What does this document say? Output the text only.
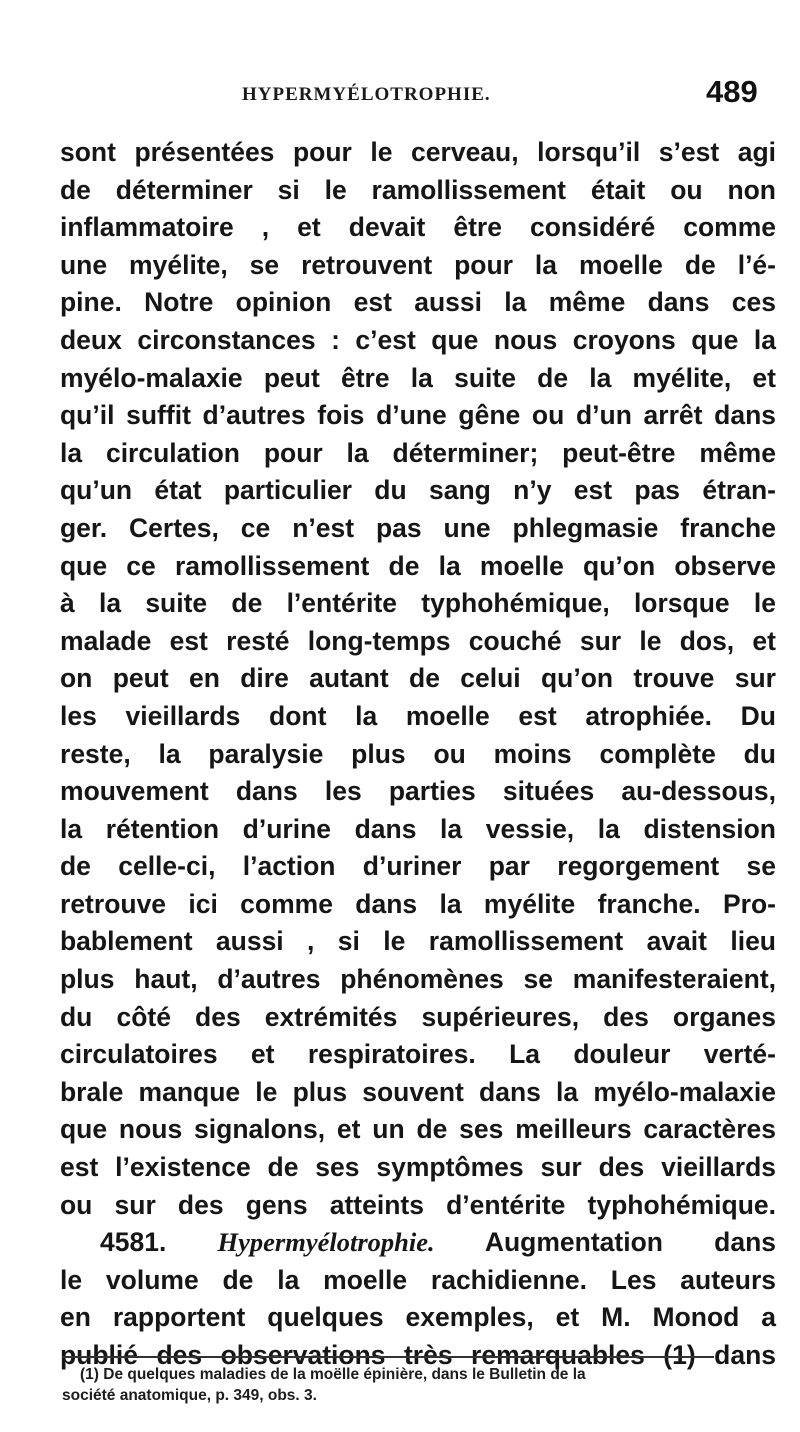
HYPERMYÉLOTROPHIE.	489
sont présentées pour le cerveau, lorsqu’il s’est agi
de déterminer si le ramollissement était ou non
inflammatoire , et devait être considéré comme
une myélite, se retrouvent pour la moelle de l’é-
pine. Notre opinion est aussi la même dans ces
deux circonstances : c’est que nous croyons que la
myélo-malaxie peut être la suite de la myélite, et
qu’il suffit d’autres fois d’une gêne ou d’un arrêt dans
la circulation pour la déterminer; peut-être même
qu’un état particulier du sang n’y est pas étran-
ger. Certes, ce n’est pas une phlegmasie franche
que ce ramollissement de la moelle qu’on observe
à la suite de l’entérite typhohémique, lorsque le
malade est resté long-temps couché sur le dos, et
on peut en dire autant de celui qu’on trouve sur
les vieillards dont la moelle est atrophiée. Du
reste, la paralysie plus ou moins complète du
mouvement dans les parties situées au-dessous,
la rétention d’urine dans la vessie, la distension
de celle-ci, l’action d’uriner par regorgement se
retrouve ici comme dans la myélite franche. Pro-
bablement aussi , si le ramollissement avait lieu
plus haut, d’autres phénomènes se manifesteraient,
du côté des extrémités supérieures, des organes
circulatoires et respiratoires. La douleur verté-
brale manque le plus souvent dans la myélo-malaxie
que nous signalons, et un de ses meilleurs caractères
est l’existence de ses symptômes sur des vieillards
ou sur des gens atteints d’entérite typhohémique.
4581. Hypermyélotrophie. Augmentation dans
le volume de la moelle rachidienne. Les auteurs
en rapportent quelques exemples, et M. Monod a
publié des observations très remarquables (1) dans
(1) De quelques maladies de la moëlle épinière, dans le Bulletin de la
société anatomique, p. 349, obs. 3.
